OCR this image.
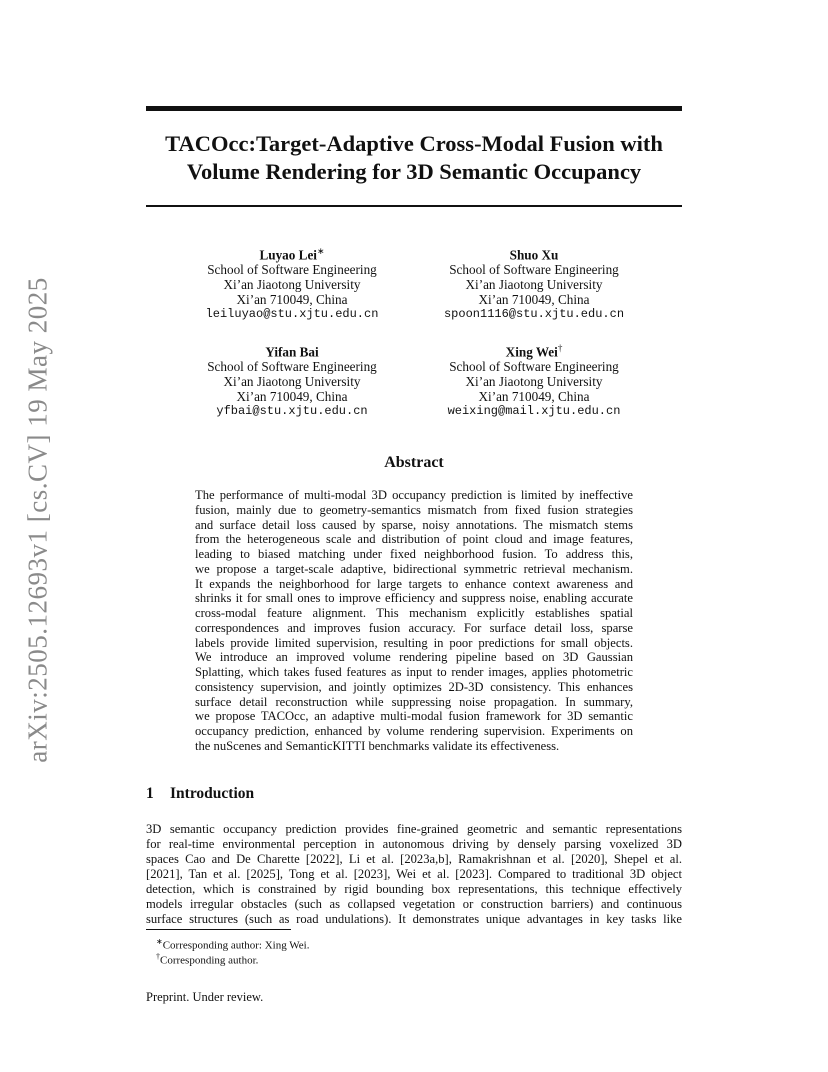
arXiv:2505.12693v1 [cs.CV] 19 May 2025
TACOcc:Target-Adaptive Cross-Modal Fusion with
Volume Rendering for 3D Semantic Occupancy
Luyao Lei∗
School of Software Engineering
Xi’an Jiaotong University
Xi’an 710049, China
leiluyao@stu.xjtu.edu.cn
Shuo Xu
School of Software Engineering
Xi’an Jiaotong University
Xi’an 710049, China
spoon1116@stu.xjtu.edu.cn
Yifan Bai
School of Software Engineering
Xi’an Jiaotong University
Xi’an 710049, China
yfbai@stu.xjtu.edu.cn
Xing Wei†
School of Software Engineering
Xi’an Jiaotong University
Xi’an 710049, China
weixing@mail.xjtu.edu.cn
Abstract
The performance of multi-modal 3D occupancy prediction is limited by ineffective
fusion, mainly due to geometry-semantics mismatch from fixed fusion strategies
and surface detail loss caused by sparse, noisy annotations. The mismatch stems
from the heterogeneous scale and distribution of point cloud and image features,
leading to biased matching under fixed neighborhood fusion. To address this,
we propose a target-scale adaptive, bidirectional symmetric retrieval mechanism.
It expands the neighborhood for large targets to enhance context awareness and
shrinks it for small ones to improve efficiency and suppress noise, enabling accurate
cross-modal feature alignment. This mechanism explicitly establishes spatial
correspondences and improves fusion accuracy. For surface detail loss, sparse
labels provide limited supervision, resulting in poor predictions for small objects.
We introduce an improved volume rendering pipeline based on 3D Gaussian
Splatting, which takes fused features as input to render images, applies photometric
consistency supervision, and jointly optimizes 2D-3D consistency. This enhances
surface detail reconstruction while suppressing noise propagation. In summary,
we propose TACOcc, an adaptive multi-modal fusion framework for 3D semantic
occupancy prediction, enhanced by volume rendering supervision. Experiments on
the nuScenes and SemanticKITTI benchmarks validate its effectiveness.
1 Introduction
3D semantic occupancy prediction provides fine-grained geometric and semantic representations
for real-time environmental perception in autonomous driving by densely parsing voxelized 3D
spaces Cao and De Charette [2022], Li et al. [2023a,b], Ramakrishnan et al. [2020], Shepel et al.
[2021], Tan et al. [2025], Tong et al. [2023], Wei et al. [2023]. Compared to traditional 3D object
detection, which is constrained by rigid bounding box representations, this technique effectively
models irregular obstacles (such as collapsed vegetation or construction barriers) and continuous
surface structures (such as road undulations). It demonstrates unique advantages in key tasks like
∗Corresponding author: Xing Wei.
†Corresponding author.
Preprint. Under review.
